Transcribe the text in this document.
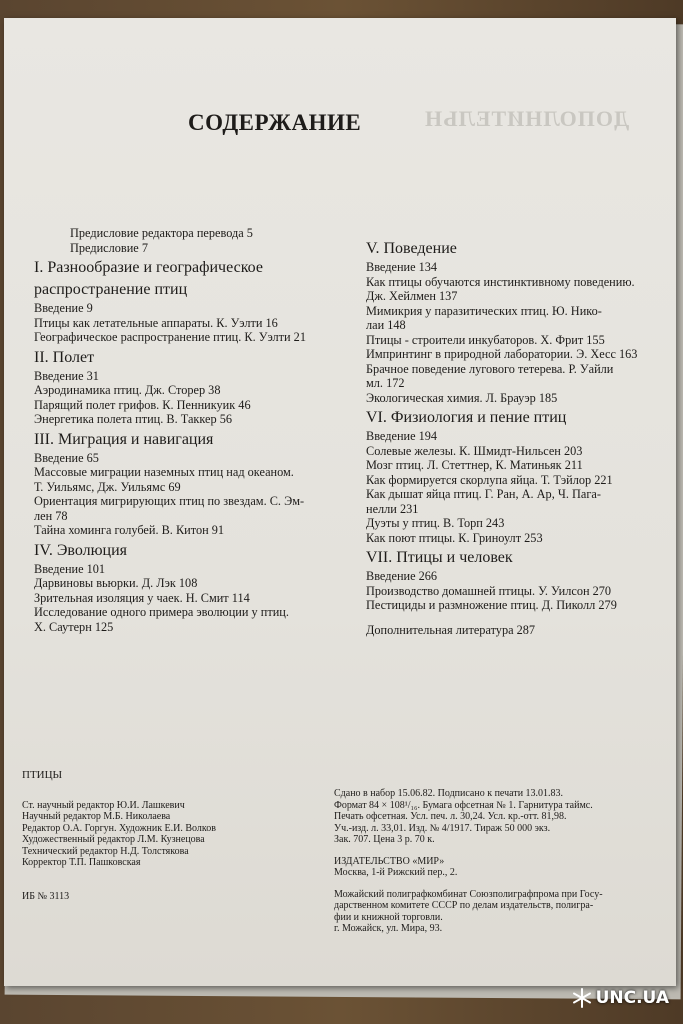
ДОПОЛНИТЕЛЬН
СОДЕРЖАНИЕ
Предисловие редактора перевода 5
Предисловие 7
I. Разнообразие и географическое
распространение птиц
Введение 9
Птицы как летательные аппараты. К. Уэлти 16
Географическое распространение птиц. К. Уэлти 21
II. Полет
Введение 31
Аэродинамика птиц. Дж. Сторер 38
Парящий полет грифов. К. Пенникуик 46
Энергетика полета птиц. В. Таккер 56
III. Миграция и навигация
Введение 65
Массовые миграции наземных птиц над океаном.
Т. Уильямс, Дж. Уильямс 69
Ориентация мигрирующих птиц по звездам. С. Эм-
лен 78
Тайна хоминга голубей. В. Китон 91
IV. Эволюция
Введение 101
Дарвиновы вьюрки. Д. Лэк 108
Зрительная изоляция у чаек. Н. Смит 114
Исследование одного примера эволюции у птиц.
Х. Саутерн 125
V. Поведение
Введение 134
Как птицы обучаются инстинктивному поведению.
Дж. Хейлмен 137
Мимикрия у паразитических птиц. Ю. Нико-
лаи 148
Птицы - строители инкубаторов. Х. Фрит 155
Импринтинг в природной лаборатории. Э. Хесс 163
Брачное поведение лугового тетерева. Р. Уайли
мл. 172
Экологическая химия. Л. Брауэр 185
VI. Физиология и пение птиц
Введение 194
Солевые железы. К. Шмидт-Нильсен 203
Мозг птиц. Л. Стеттнер, К. Матиньяк 211
Как формируется скорлупа яйца. Т. Тэйлор 221
Как дышат яйца птиц. Г. Ран, А. Ар, Ч. Пага-
нелли 231
Дуэты у птиц. В. Торп 243
Как поют птицы. К. Гриноулт 253
VII. Птицы и человек
Введение 266
Производство домашней птицы. У. Уилсон 270
Пестициды и размножение птиц. Д. Пиколл 279
Дополнительная литература 287
ПТИЦЫ
Ст. научный редактор Ю.И. Лашкевич
Научный редактор М.Б. Николаева
Редактор О.А. Горгун. Художник Е.И. Волков
Художественный редактор Л.М. Кузнецова
Технический редактор Н.Д. Толстякова
Корректор Т.П. Пашковская
ИБ № 3113
Сдано в набор 15.06.82. Подписано к печати 13.01.83.
Формат 84 × 108¹/₁₆. Бумага офсетная № 1. Гарнитура таймс.
Печать офсетная. Усл. печ. л. 30,24. Усл. кр.-отт. 81,98.
Уч.-изд. л. 33,01. Изд. № 4/1917. Тираж 50 000 экз.
Зак. 707. Цена 3 р. 70 к.
ИЗДАТЕЛЬСТВО «МИР»
Москва, 1-й Рижский пер., 2.
Можайский полиграфкомбинат Союзполиграфпрома при Госу-
дарственном комитете СССР по делам издательств, полигра-
фии и книжной торговли.
г. Можайск, ул. Мира, 93.
UNC.UA
